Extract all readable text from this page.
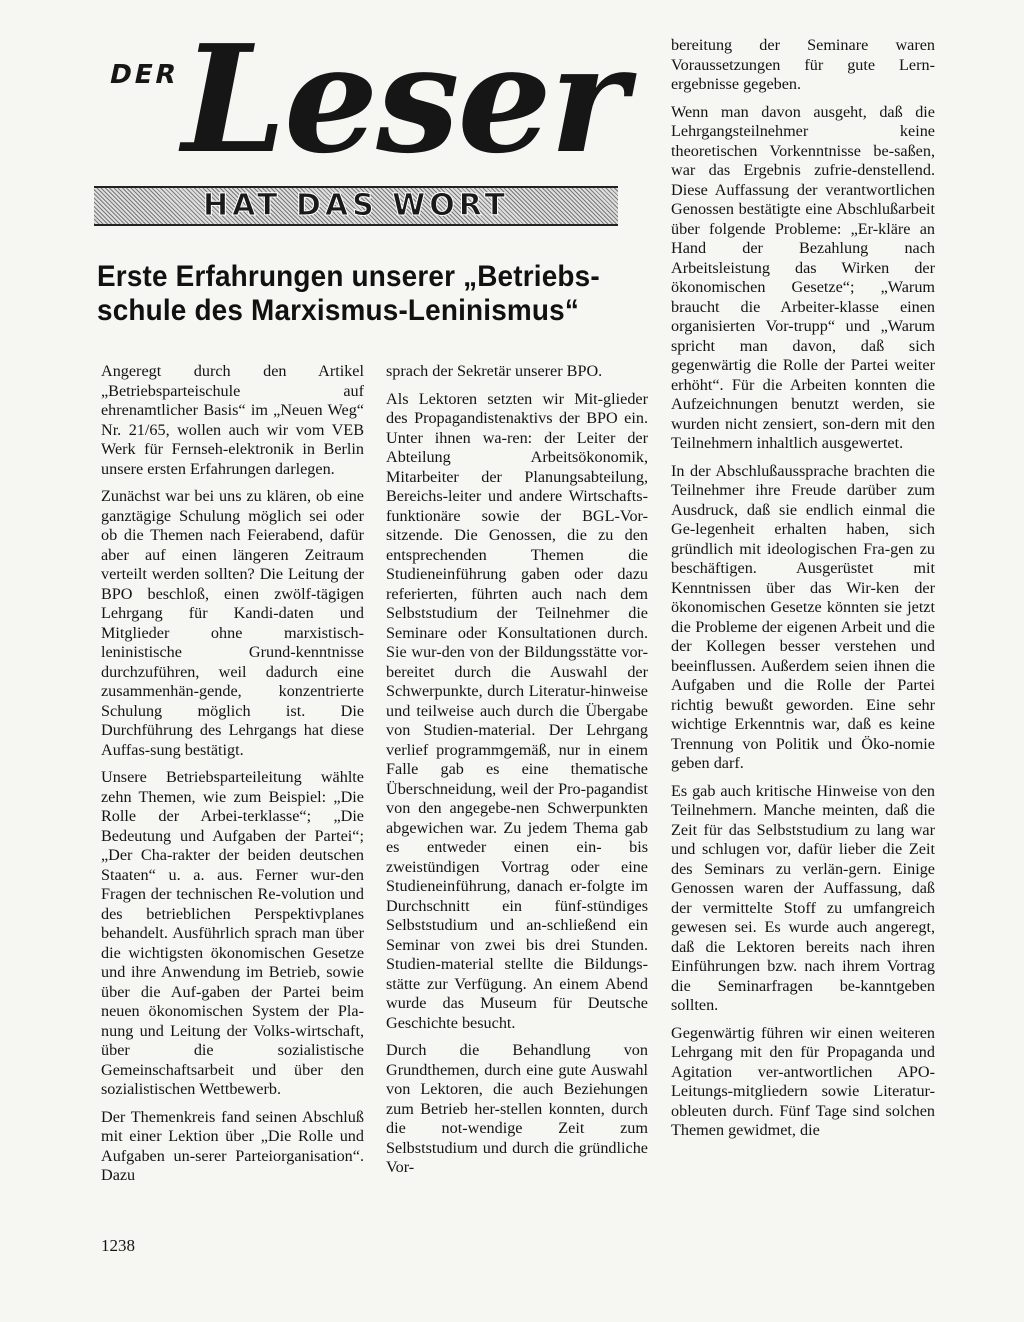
DER Leser
HAT DAS WORT
Erste Erfahrungen unserer „Betriebs-schule des Marxismus-Leninismus“

Angeregt durch den Artikel „Betriebsparteischule auf ehrenamtlicher Basis“ im „Neuen Weg“ Nr. 21/65, wollen auch wir vom VEB Werk für Fernseh-elektronik in Berlin unsere ersten Erfahrungen darlegen.

Zunächst war bei uns zu klären, ob eine ganztägige Schulung möglich sei oder ob die Themen nach Feierabend, dafür aber auf einen längeren Zeitraum verteilt werden sollten? Die Leitung der BPO beschloß, einen zwölf-tägigen Lehrgang für Kandi-daten und Mitglieder ohne marxistisch-leninistische Grund-kenntnisse durchzuführen, weil dadurch eine zusammenhän-gende, konzentrierte Schulung möglich ist. Die Durchführung des Lehrgangs hat diese Auffas-sung bestätigt.

Unsere Betriebsparteileitung wählte zehn Themen, wie zum Beispiel: „Die Rolle der Arbei-terklasse“; „Die Bedeutung und Aufgaben der Partei“; „Der Cha-rakter der beiden deutschen Staaten“ u. a. aus. Ferner wur-den Fragen der technischen Re-volution und des betrieblichen Perspektivplanes behandelt. Ausführlich sprach man über die wichtigsten ökonomischen Gesetze und ihre Anwendung im Betrieb, sowie über die Auf-gaben der Partei beim neuen ökonomischen System der Pla-nung und Leitung der Volks-wirtschaft, über die sozialistische Gemeinschaftsarbeit und über den sozialistischen Wettbewerb.

Der Themenkreis fand seinen Abschluß mit einer Lektion über „Die Rolle und Aufgaben un-serer Parteiorganisation“. Dazu

sprach der Sekretär unserer BPO.

Als Lektoren setzten wir Mit-glieder des Propagandistenaktivs der BPO ein. Unter ihnen wa-ren: der Leiter der Abteilung Arbeitsökonomik, Mitarbeiter der Planungsabteilung, Bereichs-leiter und andere Wirtschafts-funktionäre sowie der BGL-Vor-sitzende. Die Genossen, die zu den entsprechenden Themen die Studieneinführung gaben oder dazu referierten, führten auch nach dem Selbststudium der Teilnehmer die Seminare oder Konsultationen durch. Sie wur-den von der Bildungsstätte vor-bereitet durch die Auswahl der Schwerpunkte, durch Literatur-hinweise und teilweise auch durch die Übergabe von Studien-material. Der Lehrgang verlief programmgemäß, nur in einem Falle gab es eine thematische Überschneidung, weil der Pro-pagandist von den angegebe-nen Schwerpunkten abgewichen war. Zu jedem Thema gab es entweder einen ein- bis zweistündigen Vortrag oder eine Studieneinführung, danach er-folgte im Durchschnitt ein fünf-stündiges Selbststudium und an-schließend ein Seminar von zwei bis drei Stunden. Studien-material stellte die Bildungs-stätte zur Verfügung. An einem Abend wurde das Museum für Deutsche Geschichte besucht.

Durch die Behandlung von Grundthemen, durch eine gute Auswahl von Lektoren, die auch Beziehungen zum Betrieb her-stellen konnten, durch die not-wendige Zeit zum Selbststudium und durch die gründliche Vor-

bereitung der Seminare waren Voraussetzungen für gute Lern-ergebnisse gegeben.

Wenn man davon ausgeht, daß die Lehrgangsteilnehmer keine theoretischen Vorkenntnisse be-saßen, war das Ergebnis zufrie-denstellend. Diese Auffassung der verantwortlichen Genossen bestätigte eine Abschlußarbeit über folgende Probleme: „Er-kläre an Hand der Bezahlung nach Arbeitsleistung das Wirken der ökonomischen Gesetze“; „Warum braucht die Arbeiter-klasse einen organisierten Vor-trupp“ und „Warum spricht man davon, daß sich gegenwärtig die Rolle der Partei weiter erhöht“. Für die Arbeiten konnten die Aufzeichnungen benutzt werden, sie wurden nicht zensiert, son-dern mit den Teilnehmern inhaltlich ausgewertet.

In der Abschlußaussprache brachten die Teilnehmer ihre Freude darüber zum Ausdruck, daß sie endlich einmal die Ge-legenheit erhalten haben, sich gründlich mit ideologischen Fra-gen zu beschäftigen. Ausgerüstet mit Kenntnissen über das Wir-ken der ökonomischen Gesetze könnten sie jetzt die Probleme der eigenen Arbeit und die der Kollegen besser verstehen und beeinflussen. Außerdem seien ihnen die Aufgaben und die Rolle der Partei richtig bewußt geworden. Eine sehr wichtige Erkenntnis war, daß es keine Trennung von Politik und Öko-nomie geben darf.

Es gab auch kritische Hinweise von den Teilnehmern. Manche meinten, daß die Zeit für das Selbststudium zu lang war und schlugen vor, dafür lieber die Zeit des Seminars zu verlän-gern. Einige Genossen waren der Auffassung, daß der vermittelte Stoff zu umfangreich gewesen sei. Es wurde auch angeregt, daß die Lektoren bereits nach ihren Einführungen bzw. nach ihrem Vortrag die Seminarfragen be-kanntgeben sollten.

Gegenwärtig führen wir einen weiteren Lehrgang mit den für Propaganda und Agitation ver-antwortlichen APO-Leitungs-mitgliedern sowie Literatur-obleuten durch. Fünf Tage sind solchen Themen gewidmet, die

1238
